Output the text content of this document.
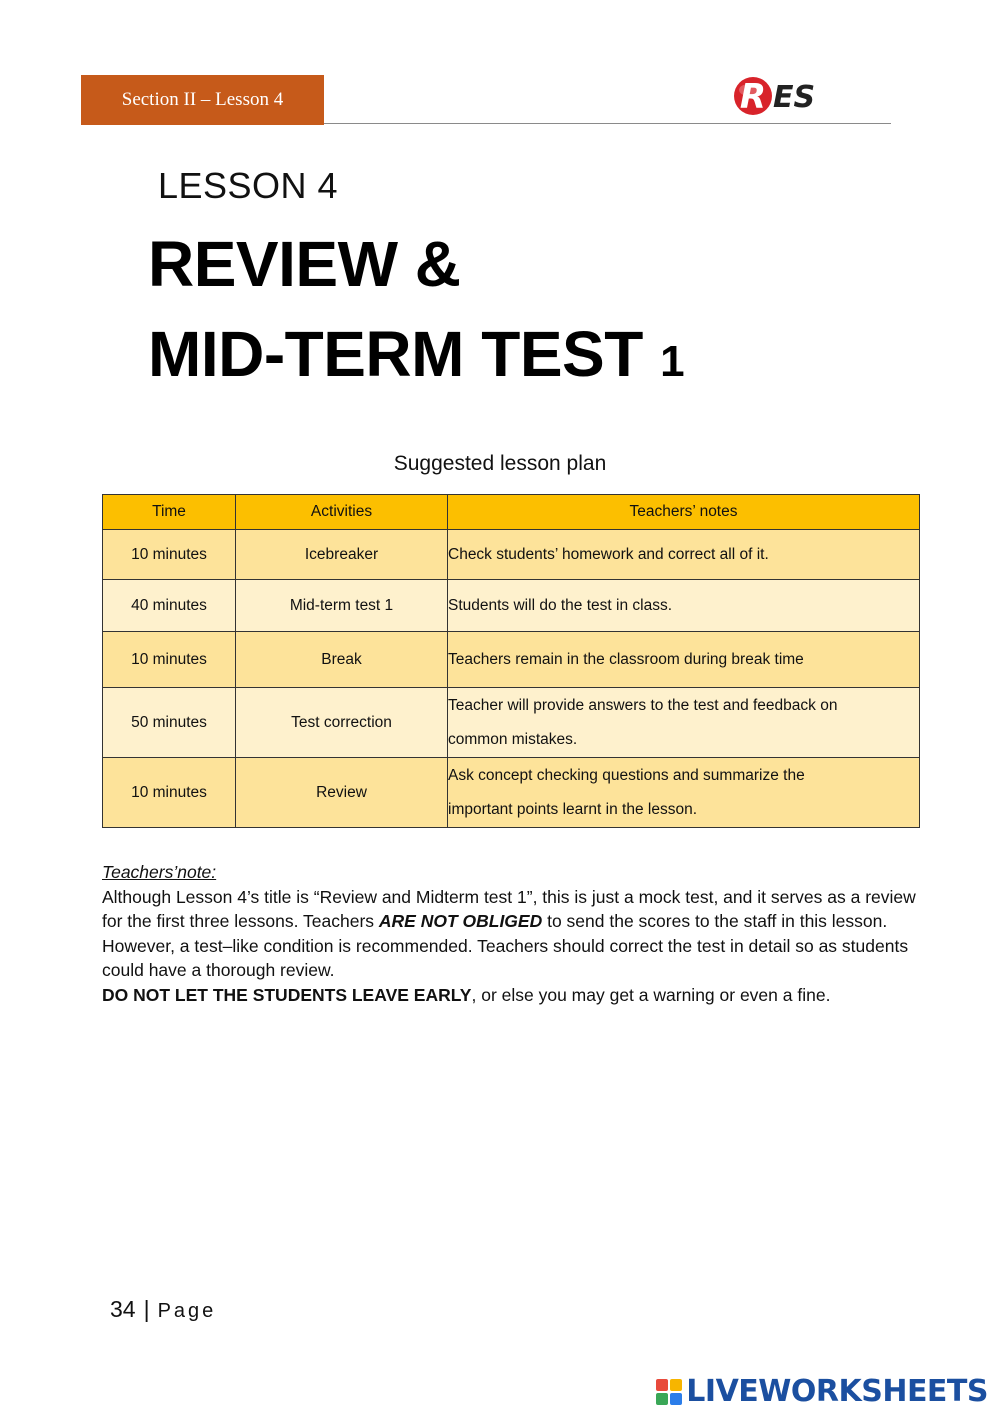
Section II – Lesson 4	R ES
LESSON 4
REVIEW &
MID-TERM TEST 1
Suggested lesson plan
Time	Activities	Teachers’ notes
10 minutes	Icebreaker	Check students’ homework and correct all of it.
40 minutes	Mid-term test 1	Students will do the test in class.
10 minutes	Break	Teachers remain in the classroom during break time
50 minutes	Test correction	Teacher will provide answers to the test and feedback on
common mistakes.

10 minutes	Review	Ask concept checking questions and summarize the
important points learnt in the lesson.

Teachers’note:

Although Lesson 4’s title is “Review and Midterm test 1”, this is just a mock test, and it serves as a review for the first three lessons. Teachers ARE NOT OBLIGED to send the scores to the staff in this lesson. However, a test–like condition is recommended. Teachers should correct the test in detail so as students could have a thorough review.

DO NOT LET THE STUDENTS LEAVE EARLY, or else you may get a warning or even a fine.

34 | Page
LIVEWORKSHEETS
